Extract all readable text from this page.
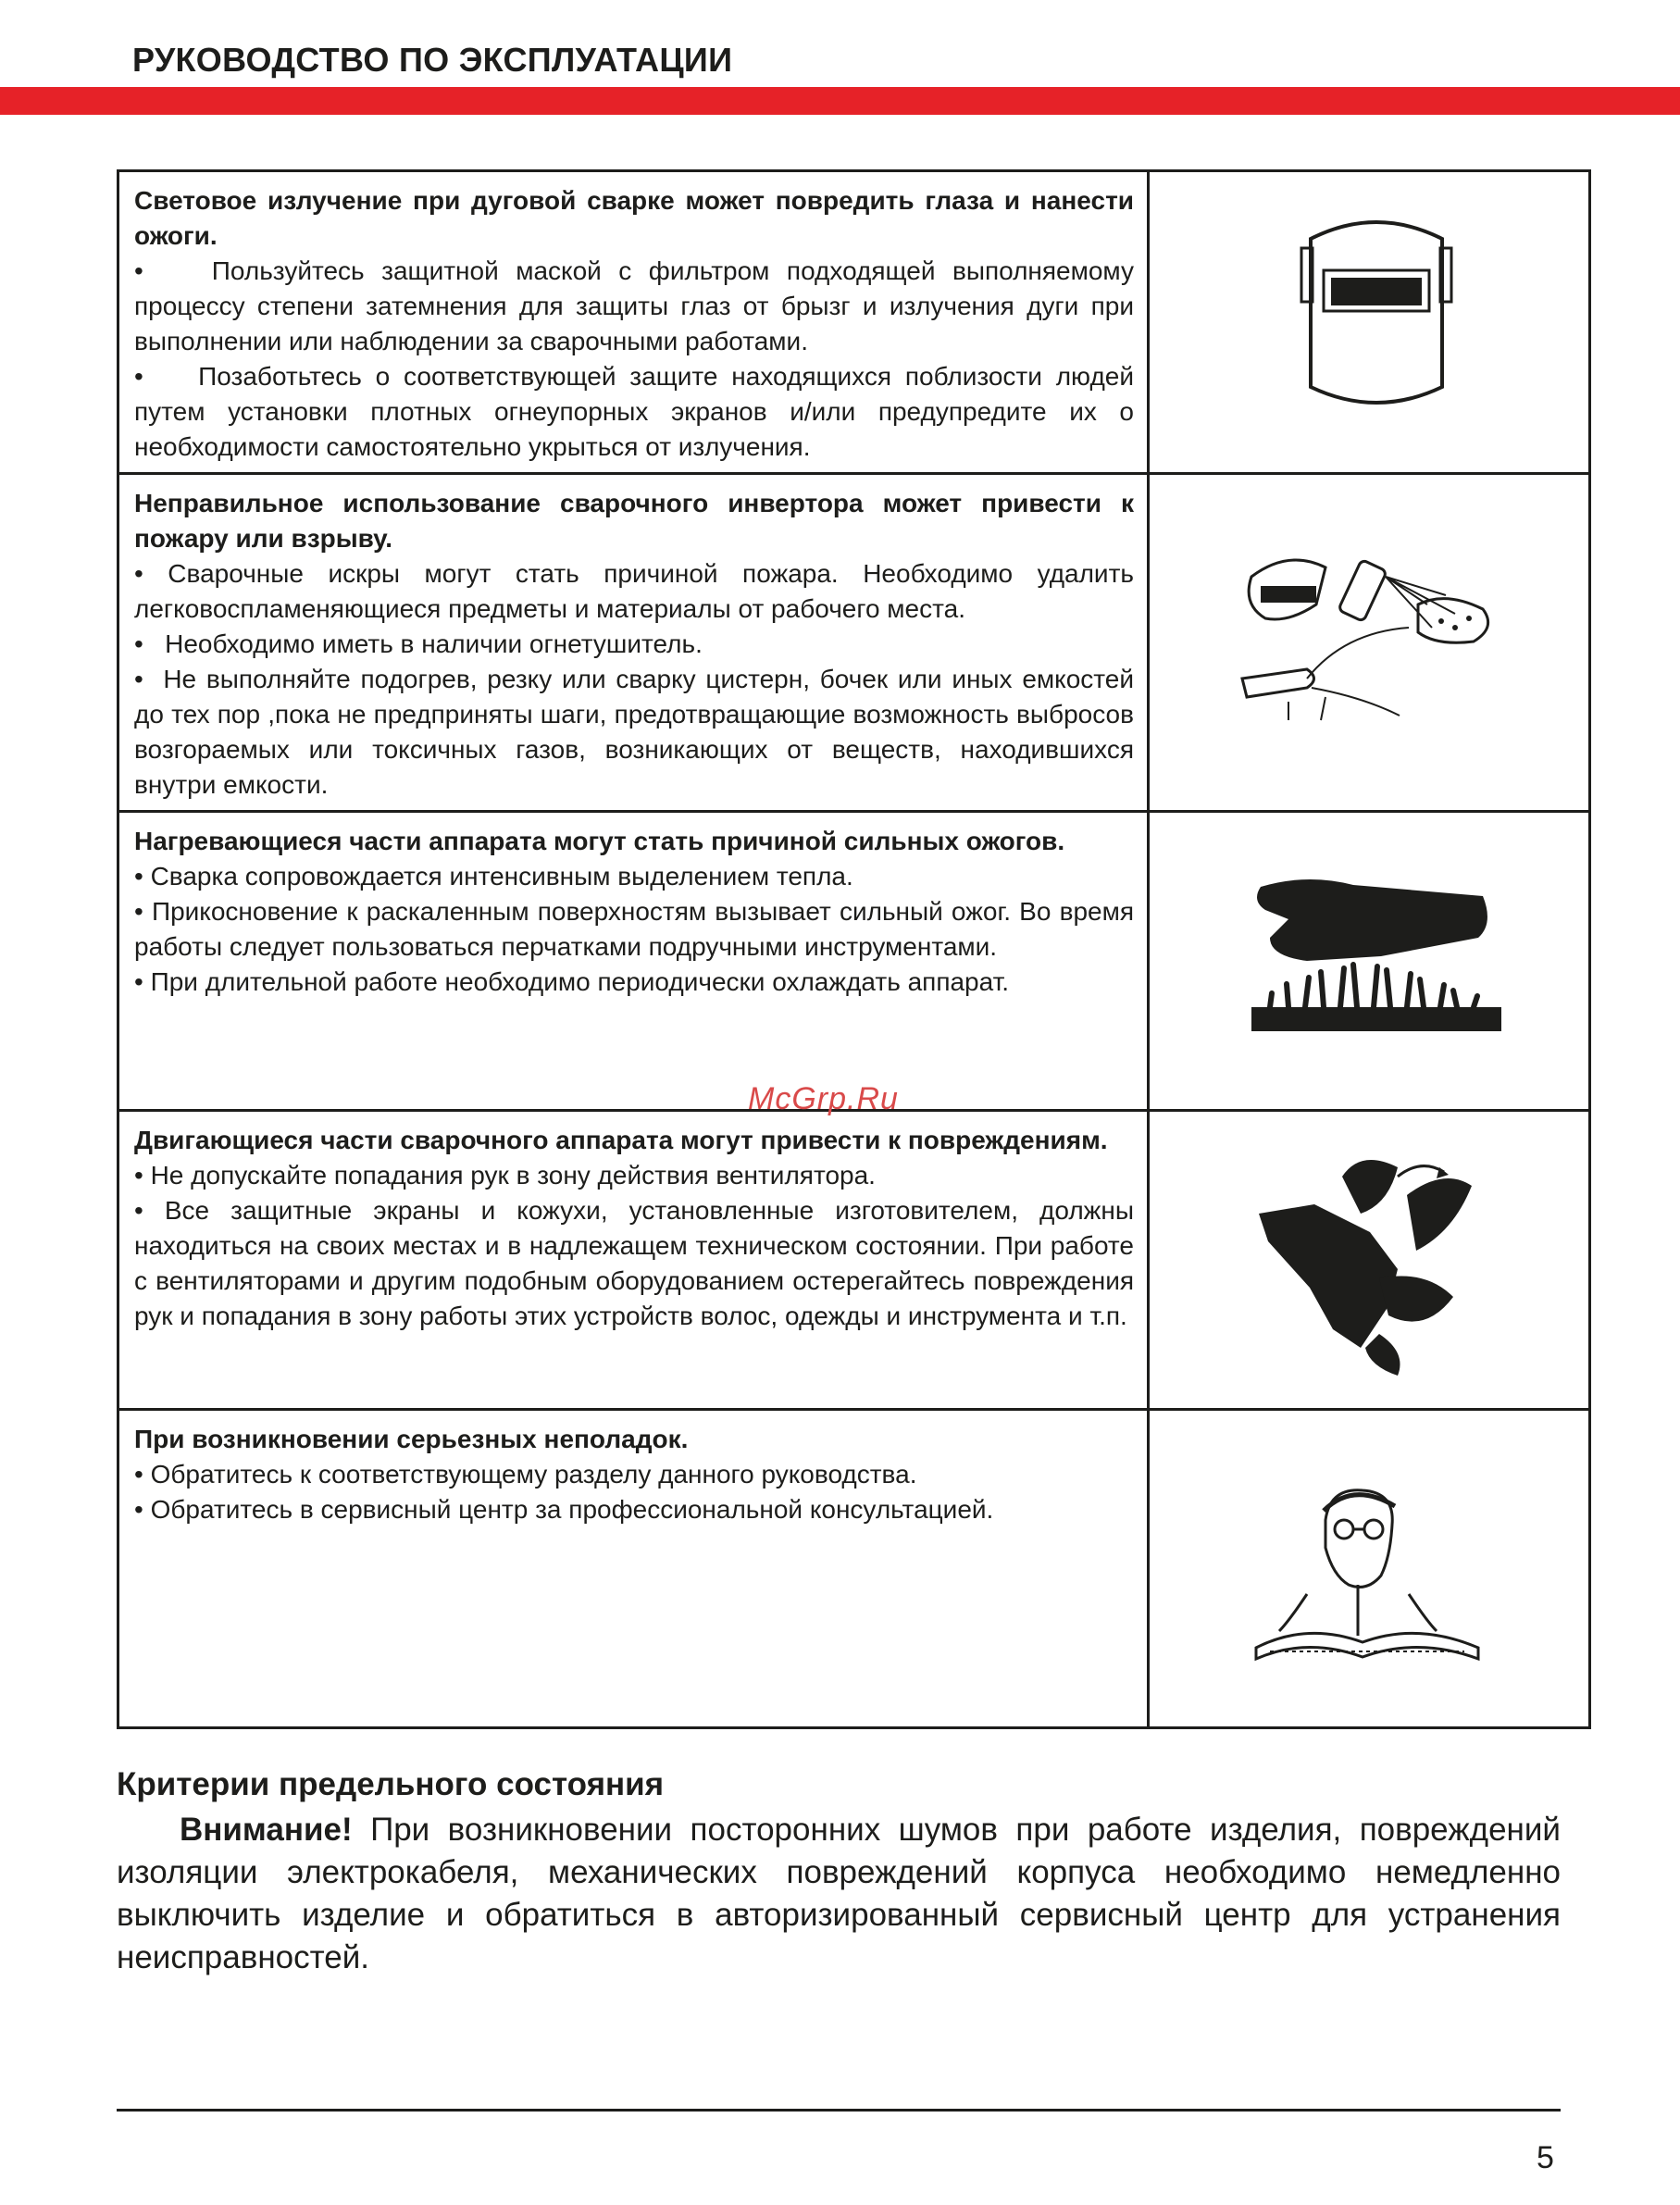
РУКОВОДСТВО ПО ЭКСПЛУАТАЦИИ
Световое излучение при дуговой сварке может повредить глаза и нанести ожоги.
•    Пользуйтесь защитной маской с фильтром подходящей выполняемому процессу степени затемнения для защиты глаз от брызг и излучения дуги при выполнении или наблюдении за сварочными работами.
•    Позаботьтесь о соответствующей защите находящихся поблизости людей путем установки плотных огнеупорных экранов и/или предупредите их о необходимости самостоятельно укрыться от излучения.

Неправильное использование сварочного инвертора может привести к пожару или взрыву.
• Сварочные искры могут стать причиной пожара. Необходимо удалить легковоспламеняющиеся предметы и материалы от рабочего места.
•   Необходимо иметь в наличии огнетушитель.
•  Не выполняйте подогрев, резку или сварку цистерн, бочек или иных емкостей до тех пор ,пока не предприняты шаги, предотвращающие возможность выбросов возгораемых или токсичных газов, возникающих от веществ, находившихся внутри емкости.

Нагревающиеся части аппарата могут стать причиной сильных ожогов.
• Сварка сопровождается интенсивным выделением тепла.
• Прикосновение к раскаленным поверхностям вызывает сильный ожог. Во время работы следует пользоваться перчатками подручными инструментами.
• При длительной работе необходимо периодически охлаждать аппарат.

Двигающиеся части сварочного аппарата могут привести к повреждениям.
• Не допускайте попадания рук в зону действия вентилятора.
• Все защитные экраны и кожухи, установленные изготовителем, должны находиться на своих местах и в надлежащем техническом состоянии. При работе с вентиляторами и другим подобным оборудованием остерегайтесь повреждения рук и попадания в зону работы этих устройств волос, одежды и инструмента и т.п.

При возникновении серьезных неполадок.
• Обратитесь к соответствующему разделу данного руководства.
• Обратитесь в сервисный центр за профессиональной консультацией.

McGrp.Ru
Критерии предельного состояния
Внимание! При возникновении посторонних шумов при работе изделия, повреждений изоляции электрокабеля, механических повреждений корпуса необходимо немедленно выключить изделие и обратиться в авторизированный сервисный центр для устранения неисправностей.
5
